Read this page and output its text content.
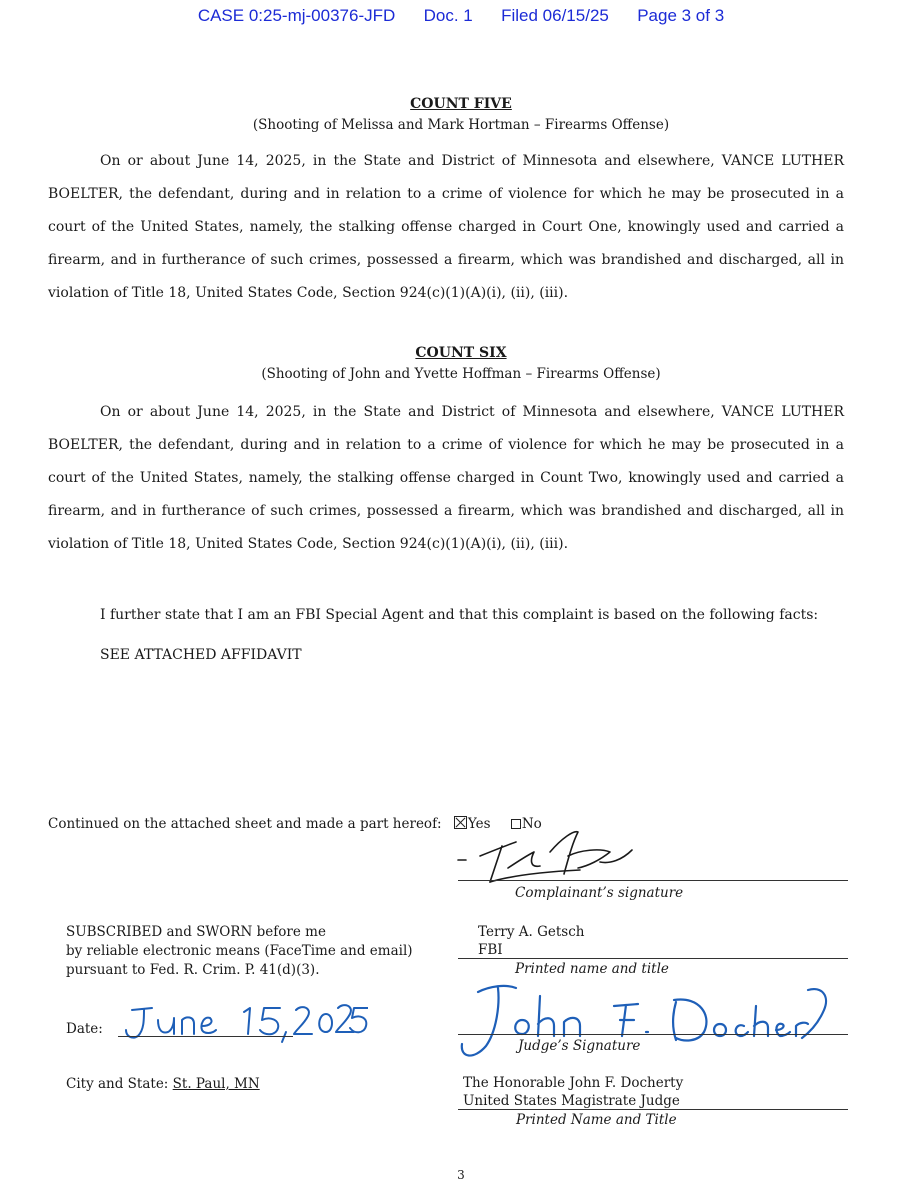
CASE 0:25-mj-00376-JFD Doc. 1 Filed 06/15/25 Page 3 of 3
COUNT FIVE
(Shooting of Melissa and Mark Hortman – Firearms Offense)

On or about June 14, 2025, in the State and District of Minnesota and elsewhere, VANCE LUTHER BOELTER, the defendant, during and in relation to a crime of violence for which he may be prosecuted in a court of the United States, namely, the stalking offense charged in Court One, knowingly used and carried a firearm, and in furtherance of such crimes, possessed a firearm, which was brandished and discharged, all in violation of Title 18, United States Code, Section 924(c)(1)(A)(i), (ii), (iii).

COUNT SIX
(Shooting of John and Yvette Hoffman – Firearms Offense)

On or about June 14, 2025, in the State and District of Minnesota and elsewhere, VANCE LUTHER BOELTER, the defendant, during and in relation to a crime of violence for which he may be prosecuted in a court of the United States, namely, the stalking offense charged in Count Two, knowingly used and carried a firearm, and in furtherance of such crimes, possessed a firearm, which was brandished and discharged, all in violation of Title 18, United States Code, Section 924(c)(1)(A)(i), (ii), (iii).

I further state that I am an FBI Special Agent and that this complaint is based on the following facts:
SEE ATTACHED AFFIDAVIT
Continued on the attached sheet and made a part hereof: Yes No
Complainant’s signature
SUBSCRIBED and SWORN before me
by reliable electronic means (FaceTime and email)
pursuant to Fed. R. Crim. P. 41(d)(3).
Terry A. Getsch
FBI
Printed name and title
Date:
Judge’s Signature
City and State: St. Paul, MN	The Honorable John F. Docherty
United States Magistrate Judge
Printed Name and Title
3
